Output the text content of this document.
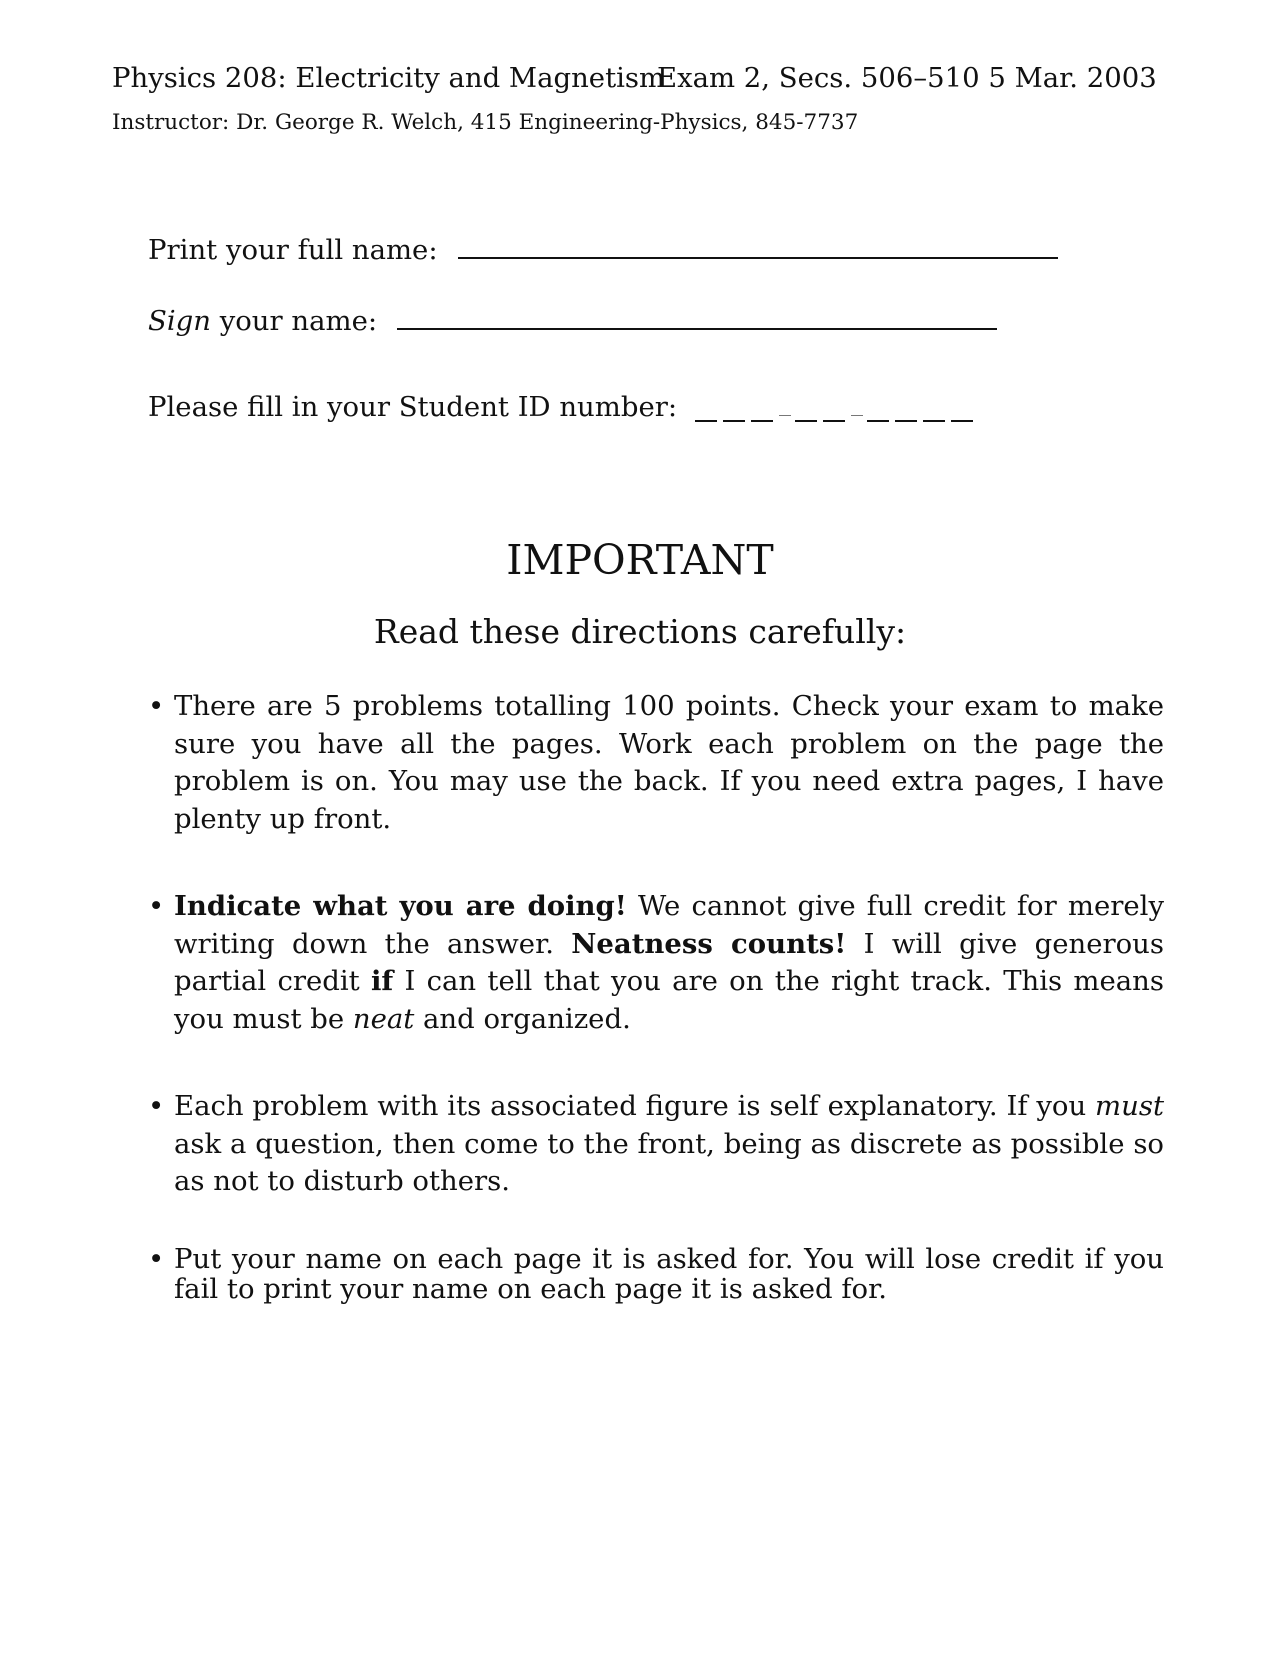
Physics 208: Electricity and Magnetism
Exam 2, Secs. 506–510 5 Mar. 2003
Instructor: Dr. George R. Welch, 415 Engineering-Physics, 845-7737
Print your full name:
Sign your name:
Please fill in your Student ID number:
IMPORTANT
Read these directions carefully:
• There are 5 problems totalling 100 points. Check your exam to make sure you have all the pages. Work each problem on the page the problem is on. You may use the back. If you need extra pages, I have plenty up front.
• Indicate what you are doing! We cannot give full credit for merely writing down the answer. Neatness counts! I will give generous partial credit if I can tell that you are on the right track. This means you must be neat and organized.
• Each problem with its associated figure is self explanatory. If you must ask a question, then come to the front, being as discrete as possible so as not to disturb others.
• Put your name on each page it is asked for. You will lose credit if you fail to print your name on each page it is asked for.
